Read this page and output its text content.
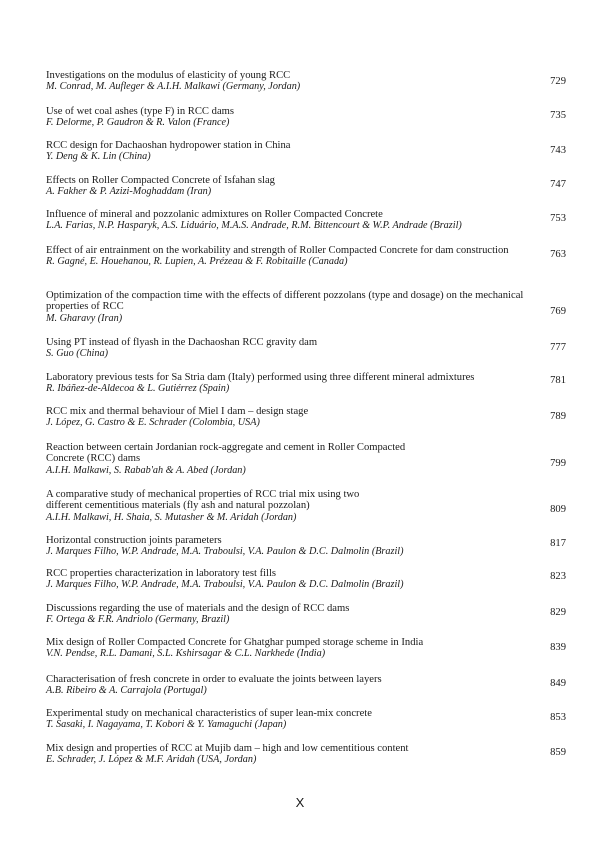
Investigations on the modulus of elasticity of young RCC
M. Conrad, M. Aufleger & A.I.H. Malkawi (Germany, Jordan)	729
Use of wet coal ashes (type F) in RCC dams
F. Delorme, P. Gaudron & R. Valon (France)
735
RCC design for Dachaoshan hydropower station in China
Y. Deng & K. Lin (China)
743
Effects on Roller Compacted Concrete of Isfahan slag
A. Fakher & P. Azizi-Moghaddam (Iran)
747
Influence of mineral and pozzolanic admixtures on Roller Compacted Concrete
L.A. Farias, N.P. Hasparyk, A.S. Liduário, M.A.S. Andrade, R.M. Bittencourt & W.P. Andrade (Brazil)
753
Effect of air entrainment on the workability and strength of Roller Compacted Concrete for dam construction
R. Gagné, E. Houehanou, R. Lupien, A. Prézeau & F. Robitaille (Canada)
763
Optimization of the compaction time with the effects of different pozzolans (type and dosage) on the mechanical properties of RCC
M. Gharavy (Iran)
769
Using PT instead of flyash in the Dachaoshan RCC gravity dam
S. Guo (China)
777
Laboratory previous tests for Sa Stria dam (Italy) performed using three different mineral admixtures
R. Ibáñez-de-Aldecoa & L. Gutiérrez (Spain)
781
RCC mix and thermal behaviour of Miel I dam – design stage
J. López, G. Castro & E. Schrader (Colombia, USA)
789
Reaction between certain Jordanian rock-aggregate and cement in Roller Compacted Concrete (RCC) dams
A.I.H. Malkawi, S. Rabab'ah & A. Abed (Jordan)
799
A comparative study of mechanical properties of RCC trial mix using two different cementitious materials (fly ash and natural pozzolan)
A.I.H. Malkawi, H. Shaia, S. Mutasher & M. Aridah (Jordan)
809
Horizontal construction joints parameters
J. Marques Filho, W.P. Andrade, M.A. Traboulsi, V.A. Paulon & D.C. Dalmolin (Brazil)
817
RCC properties characterization in laboratory test fills
J. Marques Filho, W.P. Andrade, M.A. Traboulsi, V.A. Paulon & D.C. Dalmolin (Brazil)
823
Discussions regarding the use of materials and the design of RCC dams
F. Ortega & F.R. Andriolo (Germany, Brazil)
829
Mix design of Roller Compacted Concrete for Ghatghar pumped storage scheme in India
V.N. Pendse, R.L. Damani, S.L. Kshirsagar & C.L. Narkhede (India)
839
Characterisation of fresh concrete in order to evaluate the joints between layers
A.B. Ribeiro & A. Carrajola (Portugal)
849
Experimental study on mechanical characteristics of super lean-mix concrete
T. Sasaki, I. Nagayama, T. Kobori & Y. Yamaguchi (Japan)
853
Mix design and properties of RCC at Mujib dam – high and low cementitious content
E. Schrader, J. López & M.F. Aridah (USA, Jordan)
859
X
